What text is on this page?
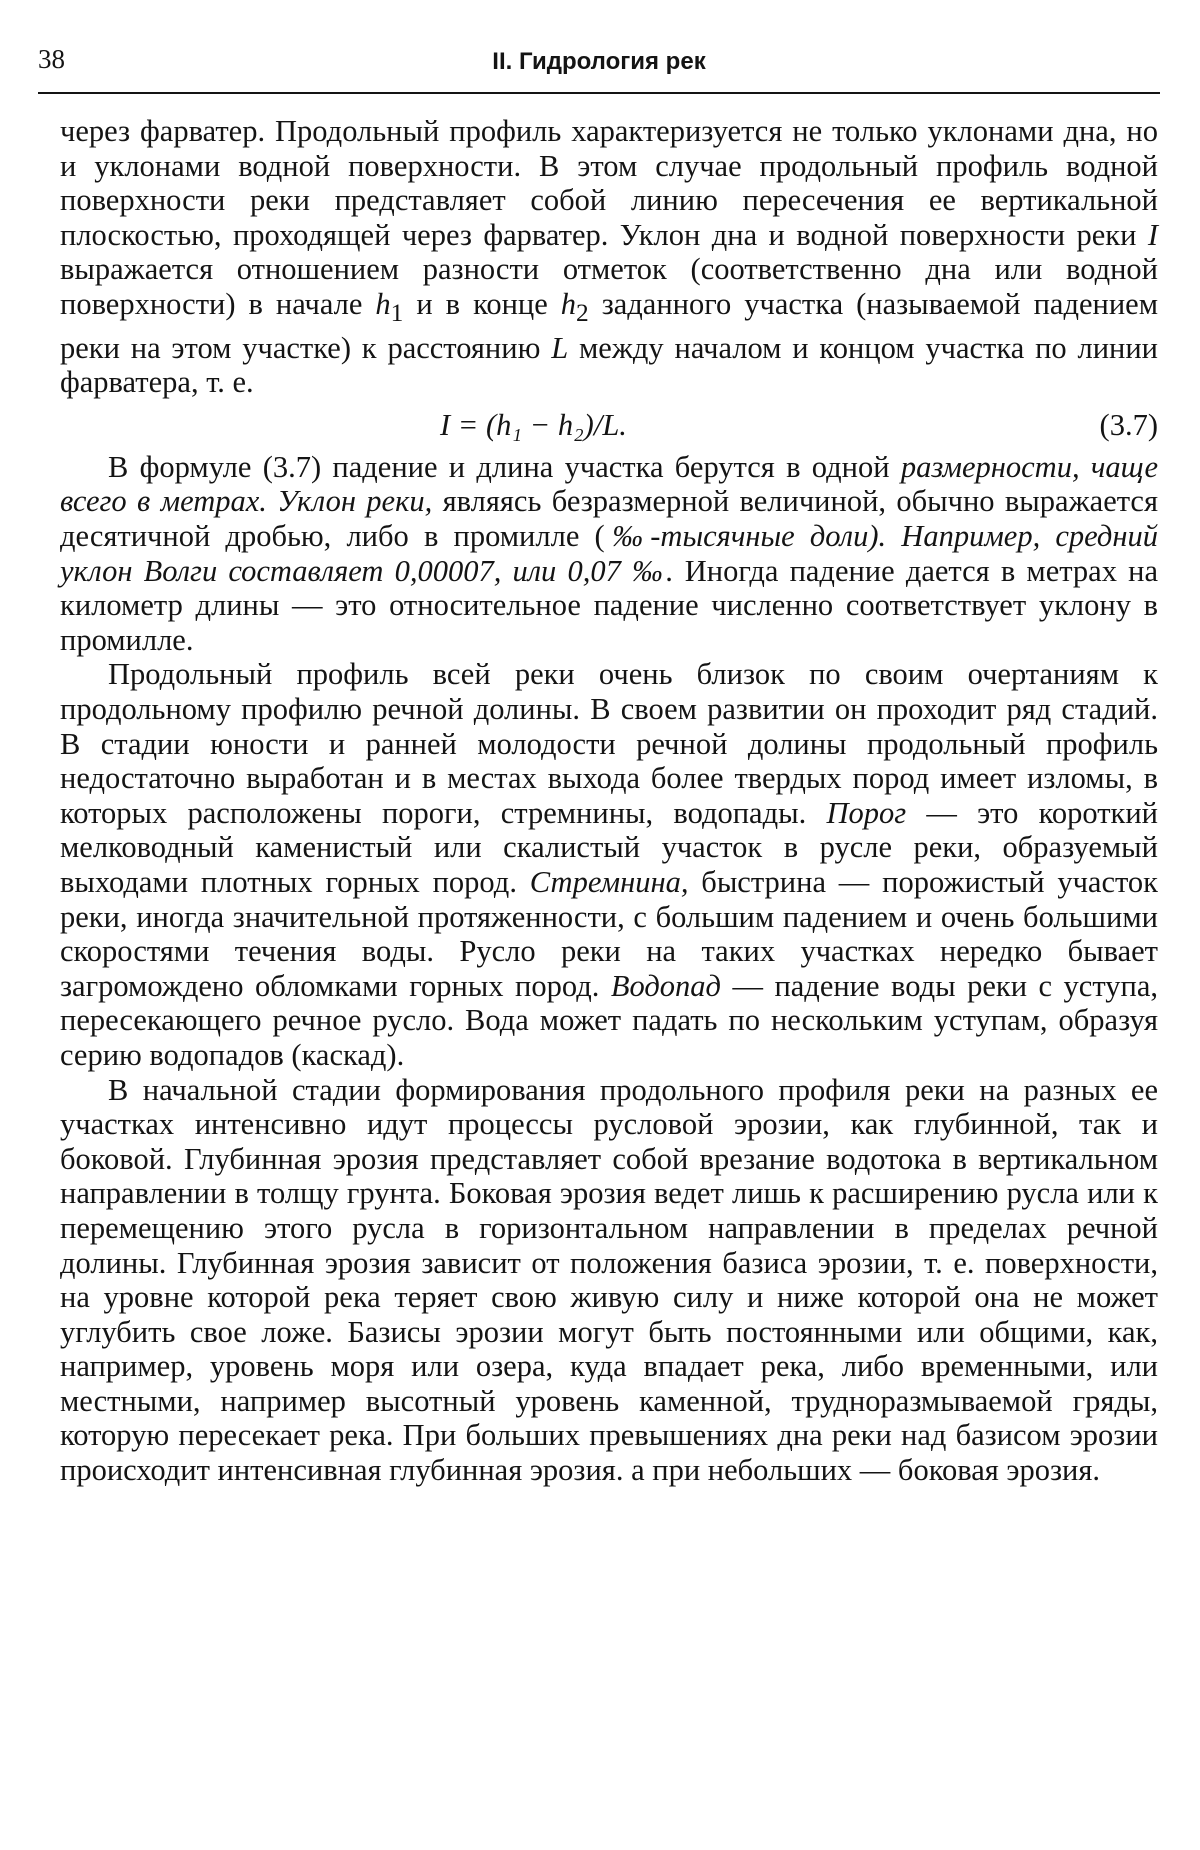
38	II. Гидрология рек

через фарватер. Продольный профиль характеризуется не только уклонами дна, но и уклонами водной поверхности. В этом случае продольный профиль водной поверхности реки представляет собой линию пересечения ее вертикальной плоскостью, проходящей через фарватер. Уклон дна и водной поверхности реки I выражается отношением разности отметок (соответственно дна или водной поверхности) в начале $h_1$ и в конце $h_2$ заданного участка (называемой падением реки на этом участке) к расстоянию L между началом и концом участка по линии фарватера, т. е.

I = (h₁ − h₂)/L.	(3.7)

В формуле (3.7) падение и длина участка берутся в одной размерности, чаще всего в метрах. Уклон реки, являясь безразмерной величиной, обычно выражается десятичной дробью, либо в промилле (‰-тысячные доли). Например, средний уклон Волги составляет 0,00007, или 0,07 ‰. Иногда падение дается в метрах на километр длины — это относительное падение численно соответствует уклону в промилле.

Продольный профиль всей реки очень близок по своим очертаниям к продольному профилю речной долины. В своем развитии он проходит ряд стадий. В стадии юности и ранней молодости речной долины продольный профиль недостаточно выработан и в местах выхода более твердых пород имеет изломы, в которых расположены пороги, стремнины, водопады. Порог — это короткий мелководный каменистый или скалистый участок в русле реки, образуемый выходами плотных горных пород. Стремнина, быстрина — порожистый участок реки, иногда значительной протяженности, с большим падением и очень большими скоростями течения воды. Русло реки на таких участках нередко бывает загромождено обломками горных пород. Водопад — падение воды реки с уступа, пересекающего речное русло. Вода может падать по нескольким уступам, образуя серию водопадов (каскад).

В начальной стадии формирования продольного профиля реки на разных ее участках интенсивно идут процессы русловой эрозии, как глубинной, так и боковой. Глубинная эрозия представляет собой врезание водотока в вертикальном направлении в толщу грунта. Боковая эрозия ведет лишь к расширению русла или к перемещению этого русла в горизонтальном направлении в пределах речной долины. Глубинная эрозия зависит от положения базиса эрозии, т. е. поверхности, на уровне которой река теряет свою живую силу и ниже которой она не может углубить свое ложе. Базисы эрозии могут быть постоянными или общими, как, например, уровень моря или озера, куда впадает река, либо временными, или местными, например высотный уровень каменной, трудноразмываемой гряды, которую пересекает река. При больших превышениях дна реки над базисом эрозии происходит интенсивная глубинная эрозия. а при небольших — боковая эрозия.
